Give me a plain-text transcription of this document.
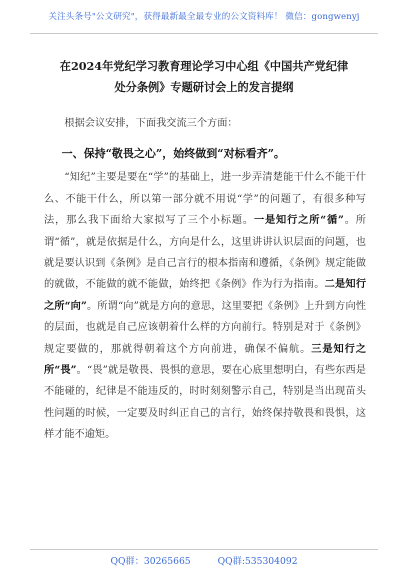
关注头条号"公文研究"，获得最新最全最专业的公文资料库！ 微信：gongwenyj
在2024年党纪学习教育理论学习中心组《中国共产党纪律
处分条例》专题研讨会上的发言提纲

根据会议安排，下面我交流三个方面：

一、保持“敬畏之心”，始终做到“对标看齐”。

“知纪”主要是要在“学”的基础上，进一步弄清楚能干什么不能干什么、不能干什么，所以第一部分就不用说“学”的问题了，有很多种写法，那么我下面给大家拟写了三个小标题。一是知行之所“循”。所谓“循”，就是依据是什么，方向是什么，这里讲讲认识层面的问题，也就是要认识到《条例》是自己言行的根本指南和遵循，《条例》规定能做的就做，不能做的就不能做，始终把《条例》作为行为指南。二是知行之所“向”。所谓“向”就是方向的意思，这里要把《条例》上升到方向性的层面，也就是自己应该朝着什么样的方向前行。特别是对于《条例》规定要做的，那就得朝着这个方向前进，确保不偏航。三是知行之所“畏”。“畏”就是敬畏、畏惧的意思，要在心底里想明白，有些东西是不能碰的，纪律是不能违反的，时时刻刻警示自己，特别是当出现苗头性问题的时候，一定要及时纠正自己的言行，始终保持敬畏和畏惧，这样才能不逾矩。

QQ群：30265665	QQ群:535304092
